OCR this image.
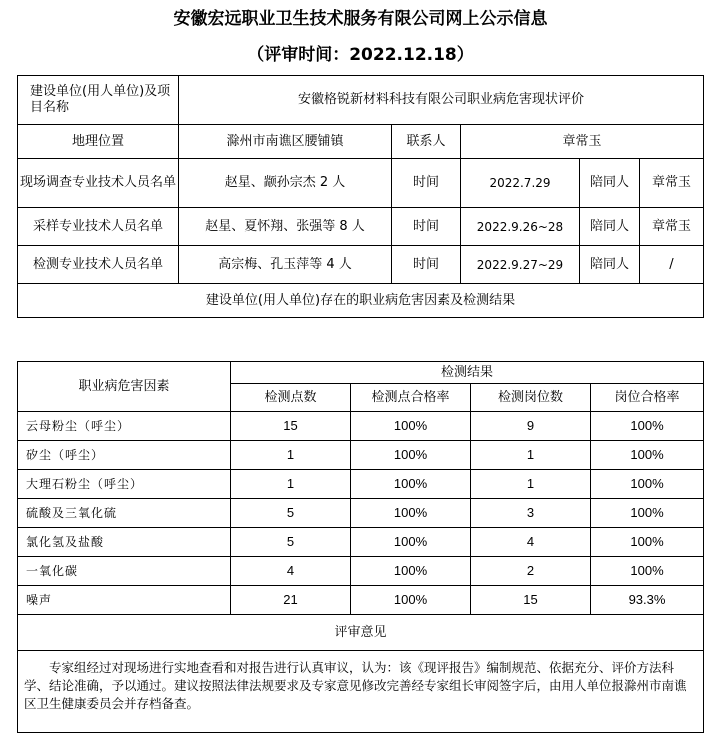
安徽宏远职业卫生技术服务有限公司网上公示信息
（评审时间：2022.12.18）
建设单位(用人单位)及项目名称	安徽格锐新材料科技有限公司职业病危害现状评价				
地理位置	滁州市南谯区腰铺镇	联系人	章常玉		
现场调查专业技术人员名单	赵星、颛孙宗杰 2 人	时间	2022.7.29	陪同人	章常玉
采样专业技术人员名单	赵星、夏怀翔、张强等 8 人	时间	2022.9.26~28	陪同人	章常玉
检测专业技术人员名单	高宗梅、孔玉萍等 4 人	时间	2022.9.27~29	陪同人	/
建设单位(用人单位)存在的职业病危害因素及检测结果					
职业病危害因素	检测结果			
	检测点数	检测点合格率	检测岗位数	岗位合格率
云母粉尘（呼尘）	15	100%	9	100%
矽尘（呼尘）	1	100%	1	100%
大理石粉尘（呼尘）	1	100%	1	100%
硫酸及三氧化硫	5	100%	3	100%
氯化氢及盐酸	5	100%	4	100%
一氧化碳	4	100%	2	100%
噪声	21	100%	15	93.3%
评审意见				
专家组经过对现场进行实地查看和对报告进行认真审议，认为：该《现评报告》编制规范、依据充分、评价方法科学、结论准确，予以通过。建议按照法律法规要求及专家意见修改完善经专家组长审阅签字后，由用人单位报滁州市南谯区卫生健康委员会并存档备查。				
